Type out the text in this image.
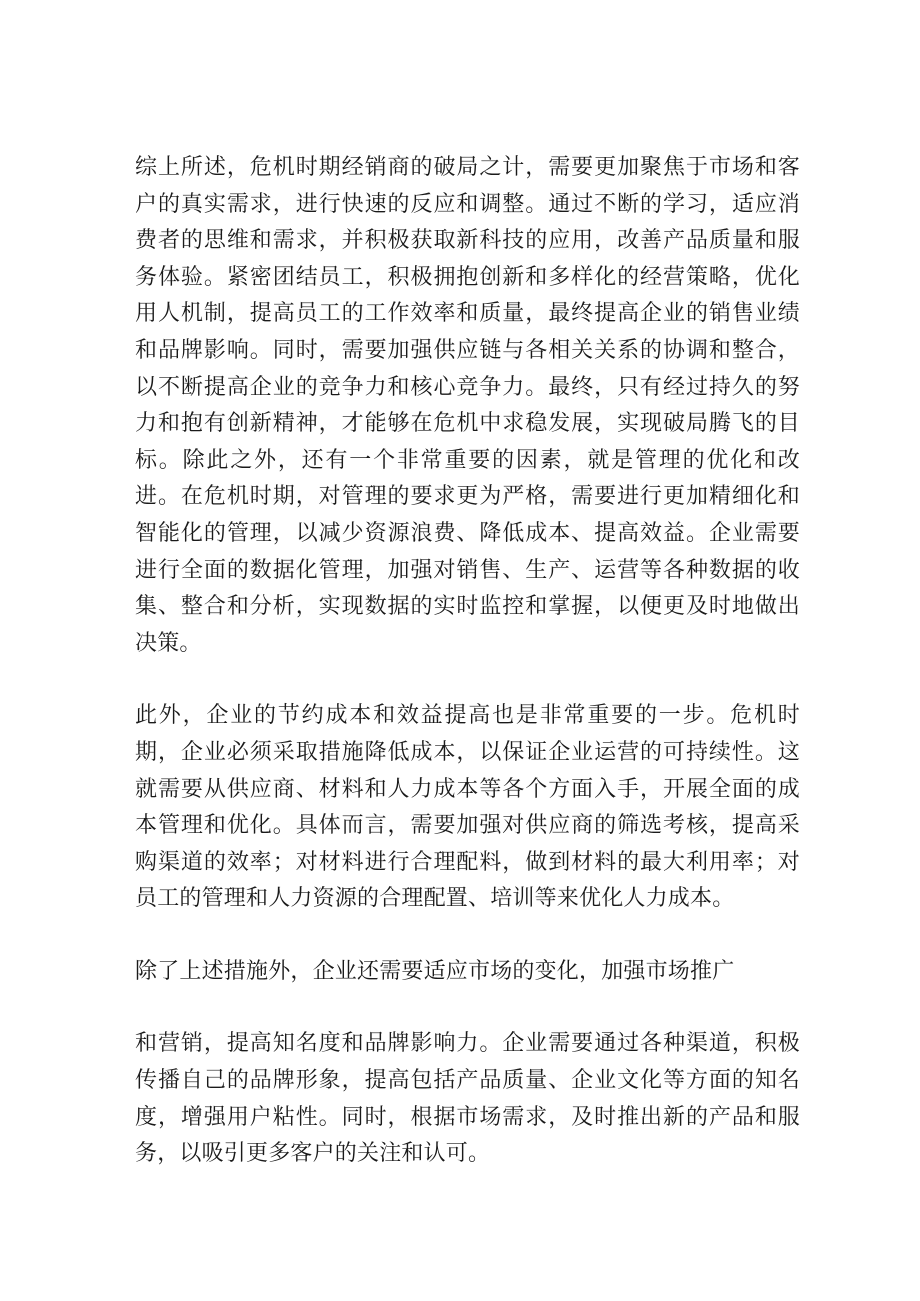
综上所述，危机时期经销商的破局之计，需要更加聚焦于市场和客户的真实需求，进行快速的反应和调整。通过不断的学习，适应消费者的思维和需求，并积极获取新科技的应用，改善产品质量和服务体验。紧密团结员工，积极拥抱创新和多样化的经营策略，优化用人机制，提高员工的工作效率和质量，最终提高企业的销售业绩和品牌影响。同时，需要加强供应链与各相关关系的协调和整合，以不断提高企业的竞争力和核心竞争力。最终，只有经过持久的努力和抱有创新精神，才能够在危机中求稳发展，实现破局腾飞的目标。除此之外，还有一个非常重要的因素，就是管理的优化和改进。在危机时期，对管理的要求更为严格，需要进行更加精细化和智能化的管理，以减少资源浪费、降低成本、提高效益。企业需要进行全面的数据化管理，加强对销售、生产、运营等各种数据的收集、整合和分析，实现数据的实时监控和掌握，以便更及时地做出决策。

此外，企业的节约成本和效益提高也是非常重要的一步。危机时期，企业必须采取措施降低成本，以保证企业运营的可持续性。这就需要从供应商、材料和人力成本等各个方面入手，开展全面的成本管理和优化。具体而言，需要加强对供应商的筛选考核，提高采购渠道的效率；对材料进行合理配料，做到材料的最大利用率；对员工的管理和人力资源的合理配置、培训等来优化人力成本。

除了上述措施外，企业还需要适应市场的变化，加强市场推广

和营销，提高知名度和品牌影响力。企业需要通过各种渠道，积极传播自己的品牌形象，提高包括产品质量、企业文化等方面的知名度，增强用户粘性。同时，根据市场需求，及时推出新的产品和服务，以吸引更多客户的关注和认可。
